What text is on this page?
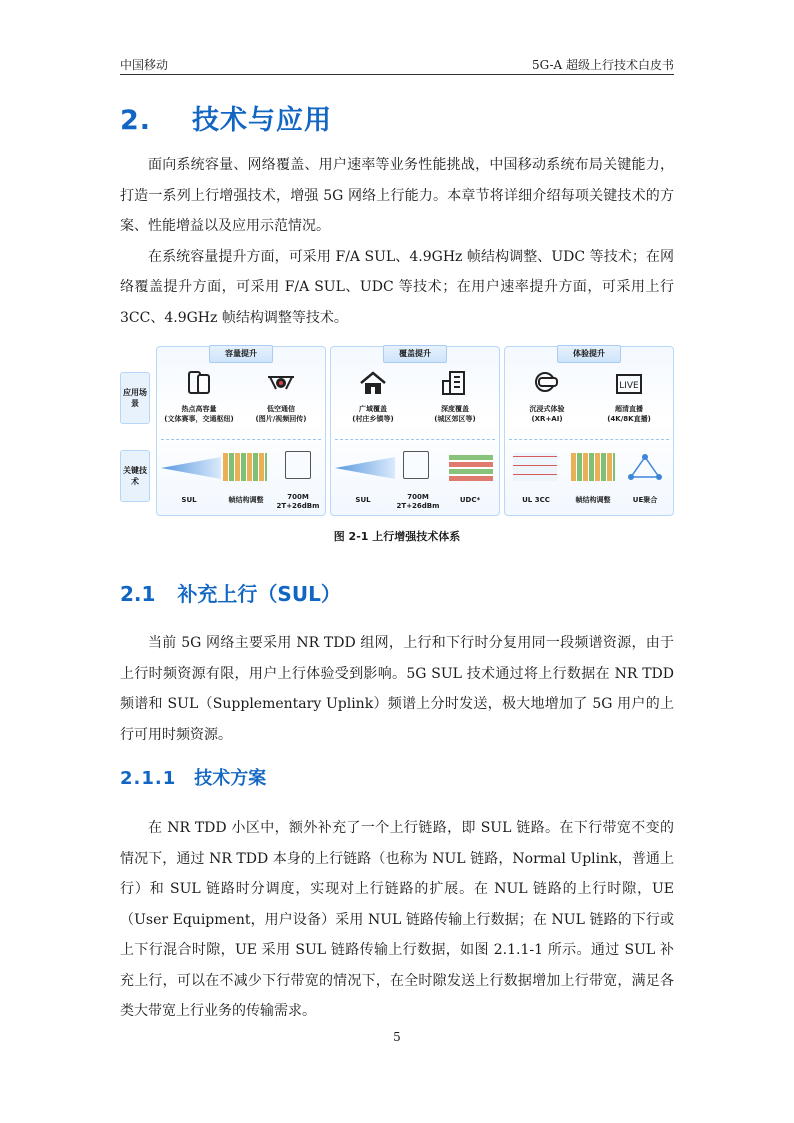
中国移动	5G-A 超级上行技术白皮书
2. 技术与应用

面向系统容量、网络覆盖、用户速率等业务性能挑战，中国移动系统布局关键能力，打造一系列上行增强技术，增强 5G 网络上行能力。本章节将详细介绍每项关键技术的方案、性能增益以及应用示范情况。

在系统容量提升方面，可采用 F/A SUL、4.9GHz 帧结构调整、UDC 等技术；在网络覆盖提升方面，可采用 F/A SUL、UDC 等技术；在用户速率提升方面，可采用上行 3CC、4.9GHz 帧结构调整等技术。

应用场景
关键技术
容量提升
热点高容量
(文体赛事，交通枢纽)
低空通信
(图片/视频回传)
SUL	帧结构调整	700M
2T+26dBm
覆盖提升
广域覆盖
(村庄乡镇等)
深度覆盖
(城区郊区等)
SUL	700M
2T+26dBm
UDC*
体验提升
沉浸式体验
(XR+AI)
LIVE
超清直播
(4K/8K直播)
UL 3CC	帧结构调整	UE聚合
图 2-1 上行增强技术体系
2.1 补充上行（SUL）

当前 5G 网络主要采用 NR TDD 组网，上行和下行时分复用同一段频谱资源，由于上行时频资源有限，用户上行体验受到影响。5G SUL 技术通过将上行数据在 NR TDD 频谱和 SUL（Supplementary Uplink）频谱上分时发送，极大地增加了 5G 用户的上行可用时频资源。

2.1.1 技术方案

在 NR TDD 小区中，额外补充了一个上行链路，即 SUL 链路。在下行带宽不变的情况下，通过 NR TDD 本身的上行链路（也称为 NUL 链路，Normal Uplink，普通上行）和 SUL 链路时分调度，实现对上行链路的扩展。在 NUL 链路的上行时隙，UE（User Equipment，用户设备）采用 NUL 链路传输上行数据；在 NUL 链路的下行或上下行混合时隙，UE 采用 SUL 链路传输上行数据，如图 2.1.1-1 所示。通过 SUL 补充上行，可以在不减少下行带宽的情况下，在全时隙发送上行数据增加上行带宽，满足各类大带宽上行业务的传输需求。

5
